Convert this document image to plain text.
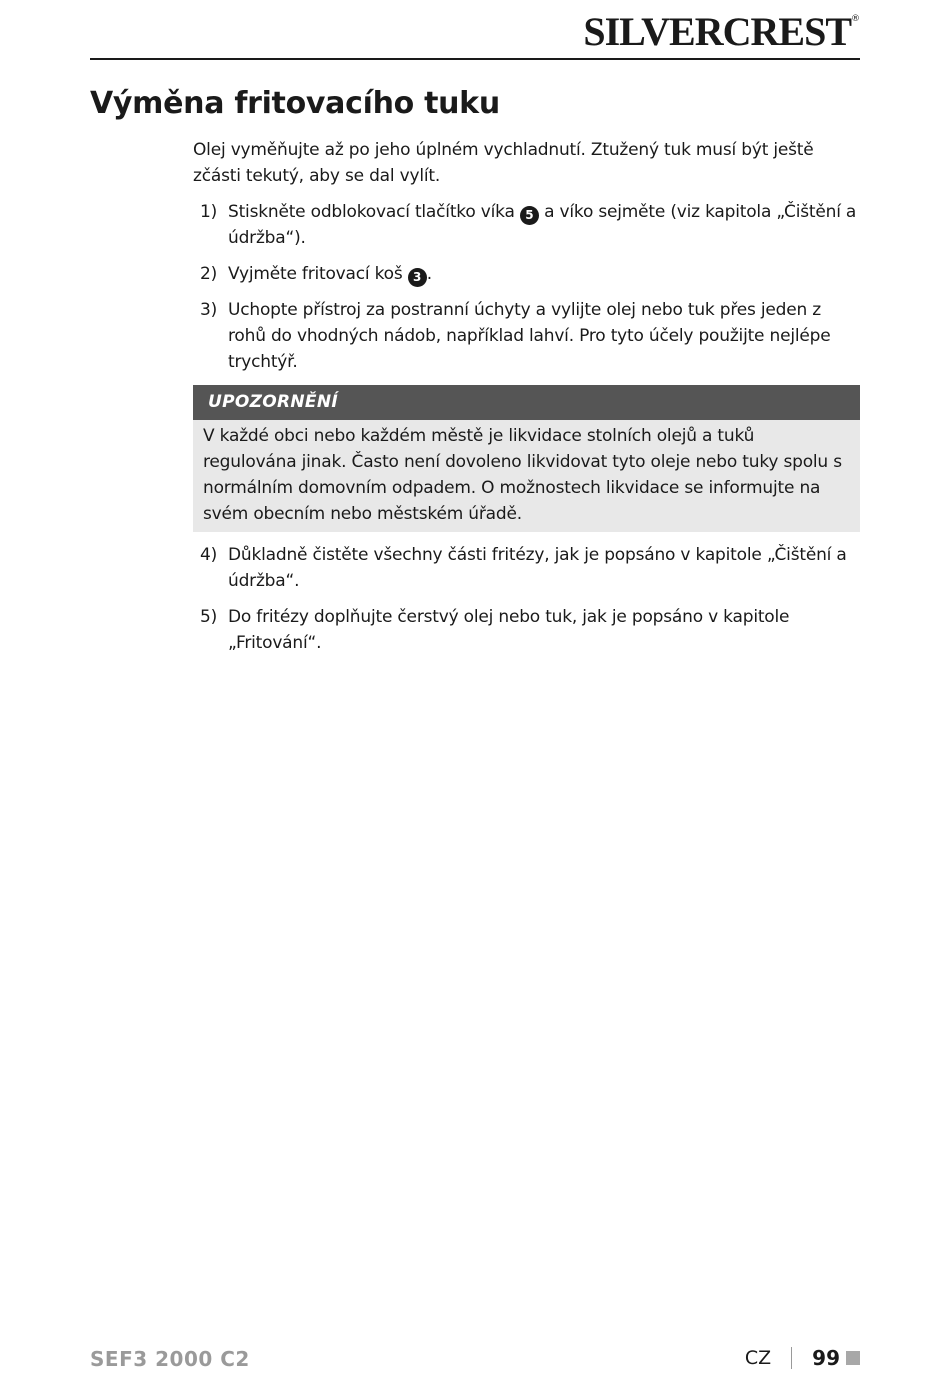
SILVERCREST®
Výměna fritovacího tuku

Olej vyměňujte až po jeho úplném vychladnutí. Ztužený tuk musí být ještě zčásti tekutý, aby se dal vylít.

1) Stiskněte odblokovací tlačítko víka 5 a víko sejměte (viz kapitola „Čištění a údržba“).
2) Vyjměte fritovací koš 3 .
3) Uchopte přístroj za postranní úchyty a vylijte olej nebo tuk přes jeden z rohů do vhodných nádob, například lahví. Pro tyto účely použijte nejlépe trychtýř.
UPOZORNĚNÍ
V každé obci nebo každém městě je likvidace stolních olejů a tuků regulována jinak. Často není dovoleno likvidovat tyto oleje nebo tuky spolu s normálním domovním odpadem. O možnostech likvidace se informujte na svém obecním nebo městském úřadě.
4) Důkladně čistěte všechny části fritézy, jak je popsáno v kapitole „Čištění a údržba“.
5) Do fritézy doplňujte čerstvý olej nebo tuk, jak je popsáno v kapitole „Fritování“.
SEF3 2000 C2	CZ 99
